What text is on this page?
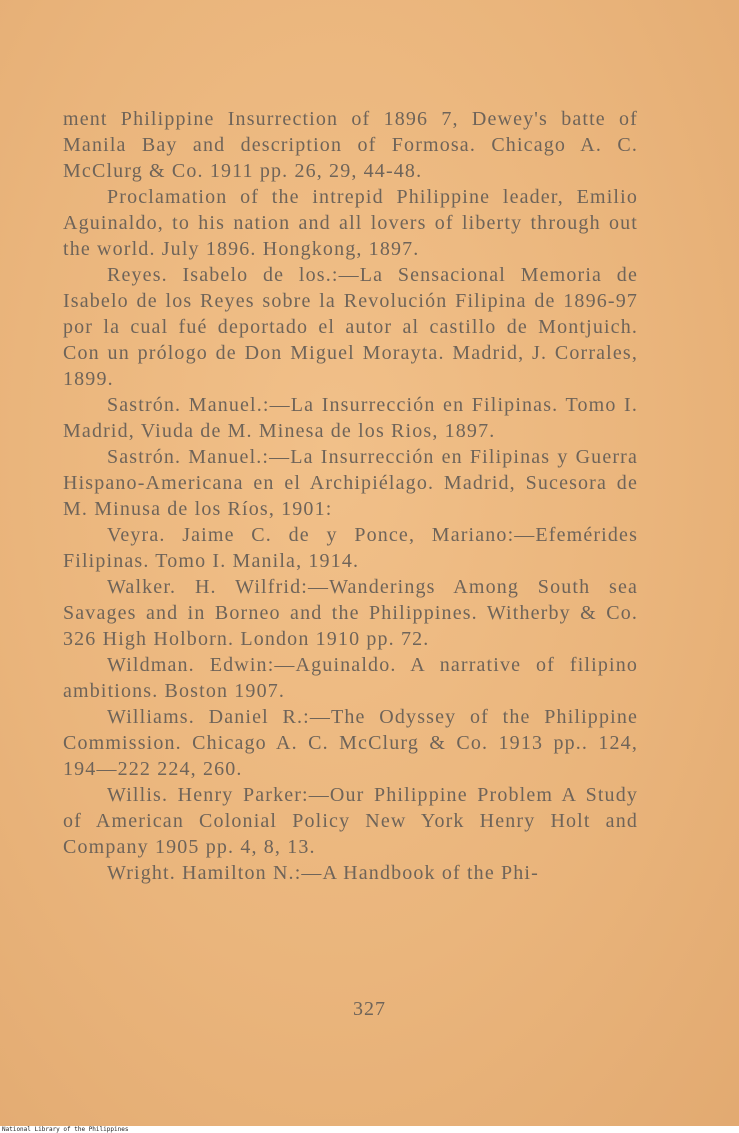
ment Philippine Insurrection of 1896 7, Dewey's batte of Manila Bay and description of Formosa. Chicago A. C. McClurg & Co. 1911 pp. 26, 29, 44-48.

Proclamation of the intrepid Philippine leader, Emilio Aguinaldo, to his nation and all lovers of liberty through out the world. July 1896. Hongkong, 1897.

Reyes. Isabelo de los.:—La Sensacional Memoria de Isabelo de los Reyes sobre la Revolución Filipina de 1896-97 por la cual fué deportado el autor al castillo de Montjuich. Con un prólogo de Don Miguel Morayta. Madrid, J. Corrales, 1899.

Sastrón. Manuel.:—La Insurrección en Filipinas. Tomo I. Madrid, Viuda de M. Minesa de los Rios, 1897.

Sastrón. Manuel.:—La Insurrección en Filipinas y Guerra Hispano-Americana en el Archipiélago. Madrid, Sucesora de M. Minusa de los Ríos, 1901:

Veyra. Jaime C. de y Ponce, Mariano:—Efemérides Filipinas. Tomo I. Manila, 1914.

Walker. H. Wilfrid:—Wanderings Among South sea Savages and in Borneo and the Philippines. Witherby & Co. 326 High Holborn. London 1910 pp. 72.

Wildman. Edwin:—Aguinaldo. A narrative of filipino ambitions. Boston 1907.

Williams. Daniel R.:—The Odyssey of the Philippine Commission. Chicago A. C. McClurg & Co. 1913 pp.. 124, 194—222 224, 260.

Willis. Henry Parker:—Our Philippine Problem A Study of American Colonial Policy New York Henry Holt and Company 1905 pp. 4, 8, 13.

Wright. Hamilton N.:—A Handbook of the Phi-

327
National Library of the Philippines
